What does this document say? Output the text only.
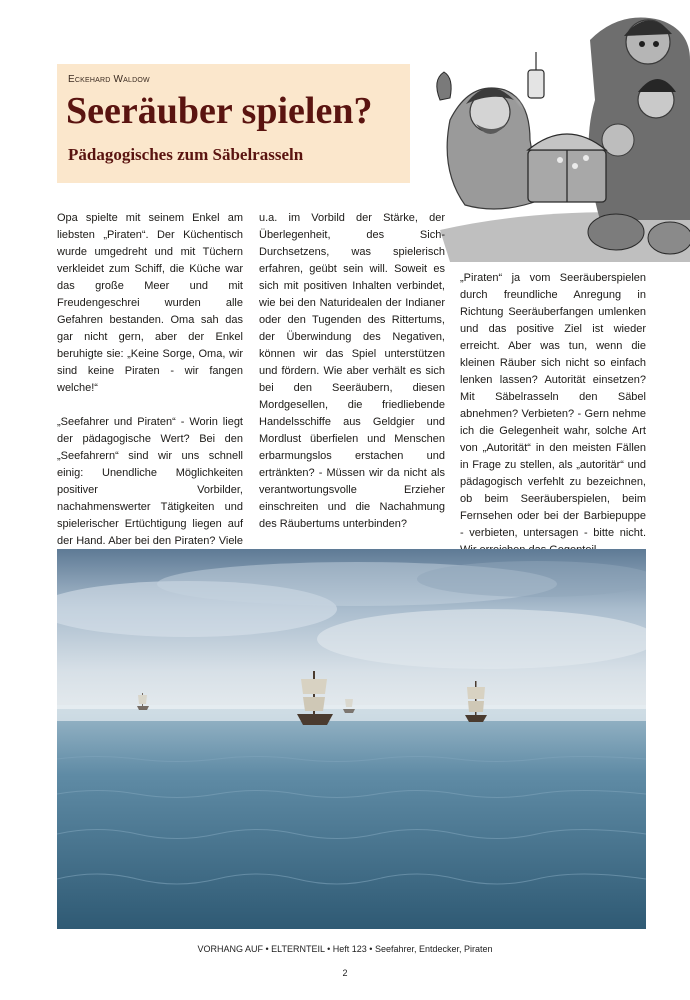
Eckehard Waldow
Seeräuber spielen?
Pädagogisches zum Säbelrasseln

Opa spielte mit seinem Enkel am liebsten „Piraten“. Der Küchentisch wurde umgedreht und mit Tüchern verkleidet zum Schiff, die Küche war das große Meer und mit Freudengeschrei wurden alle Gefahren bestanden. Oma sah das gar nicht gern, aber der Enkel beruhigte sie: „Keine Sorge, Oma, wir sind keine Piraten - wir fangen welche!“

„Seefahrer und Piraten“ - Worin liegt der pädagogische Wert? Bei den „Seefahrern“ sind wir uns schnell einig: Unendliche Möglichkeiten positiver Vorbilder, nachahmenswerter Tätigkeiten und spielerischer Ertüchtigung liegen auf der Hand. Aber bei den Piraten? Viele

u.a. im Vorbild der Stärke, der Überlegenheit, des Sich-Durchsetzens, was spielerisch erfahren, geübt sein will. Soweit es sich mit positiven Inhalten verbindet, wie bei den Naturidealen der Indianer oder den Tugenden des Rittertums, der Überwindung des Negativen, können wir das Spiel unterstützen und fördern. Wie aber verhält es sich bei den Seeräubern, diesen Mordgesellen, die friedliebende Handelsschiffe aus Geldgier und Mordlust überfielen und Menschen erbarmungslos erstachen und ertränkten? - Müssen wir da nicht als verantwortungsvolle Erzieher einschreiten und die Nachahmung des Räubertums unterbinden?

„Piraten“ ja vom Seeräuberspielen durch freundliche Anregung in Richtung Seeräuberfangen umlenken und das positive Ziel ist wieder erreicht. Aber was tun, wenn die kleinen Räuber sich nicht so einfach lenken lassen? Autorität einsetzen? Mit Säbelrasseln den Säbel abnehmen? Verbieten? - Gern nehme ich die Gelegenheit wahr, solche Art von „Autorität“ in den meisten Fällen in Frage zu stellen, als „autoritär“ und pädagogisch verfehlt zu bezeichnen, ob beim Seeräuberspielen, beim Fernsehen oder bei der Barbiepuppe - verbieten, untersagen - bitte nicht.

VORHANG AUF • ELTERNTEIL • Heft 123 • Seefahrer, Entdecker, Piraten
2
